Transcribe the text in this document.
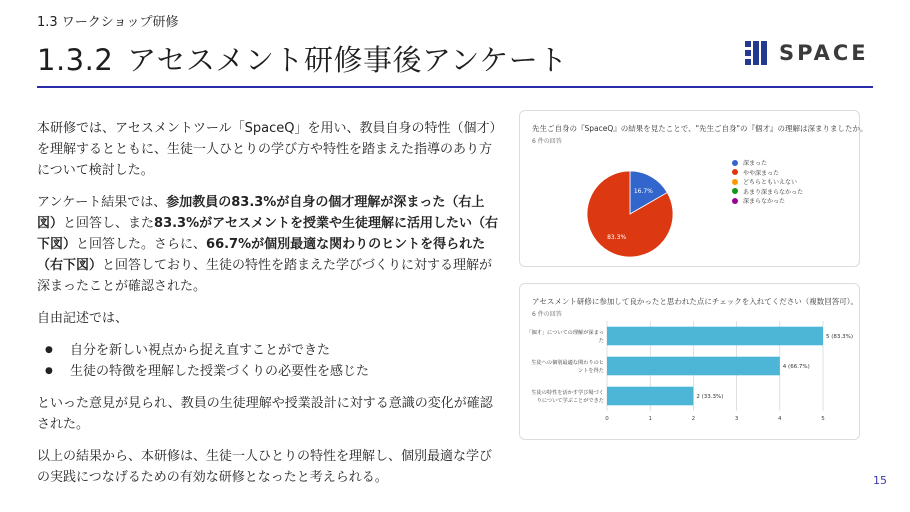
1.3 ワークショップ研修
1.3.2 アセスメント研修事後アンケート	SPACE

本研修では、アセスメントツール「SpaceQ」を用い、教員自身の特性（個才）を理解するとともに、生徒一人ひとりの学び方や特性を踏まえた指導のあり方について検討した。

アンケート結果では、参加教員の83.3%が自身の個才理解が深まった（右上図）と回答し、また83.3%がアセスメントを授業や生徒理解に活用したい（右下図）と回答した。さらに、66.7%が個別最適な関わりのヒントを得られた（右下図）と回答しており、生徒の特性を踏まえた学びづくりに対する理解が深まったことが確認された。

自由記述では、

● 自分を新しい視点から捉え直すことができた
● 生徒の特徴を理解した授業づくりの必要性を感じた

といった意見が見られ、教員の生徒理解や授業設計に対する意識の変化が確認された。

以上の結果から、本研修は、生徒一人ひとりの特性を理解し、個別最適な学びの実践につなげるための有効な研修となったと考えられる。

先生ご自身の『SpaceQ』の結果を見たことで、"先生ご自身"の『個才』の理解は深まりましたか。
6 件の回答
16.7%
83.3%
深まった
やや深まった
どちらともいえない
あまり深まらなかった
深まらなかった
アセスメント研修に参加して良かったと思われた点にチェックを入れてください（複数回答可）。
6 件の回答
0	1	2	3	4	5
5 (83.3%)
「個才」についての理解が深まっ
た
4 (66.7%)
生徒への個別最適な関わりのヒ
ントを得た
2 (33.3%)
生徒の特性を活かす学び場づく
りについて学ぶことができた
15
